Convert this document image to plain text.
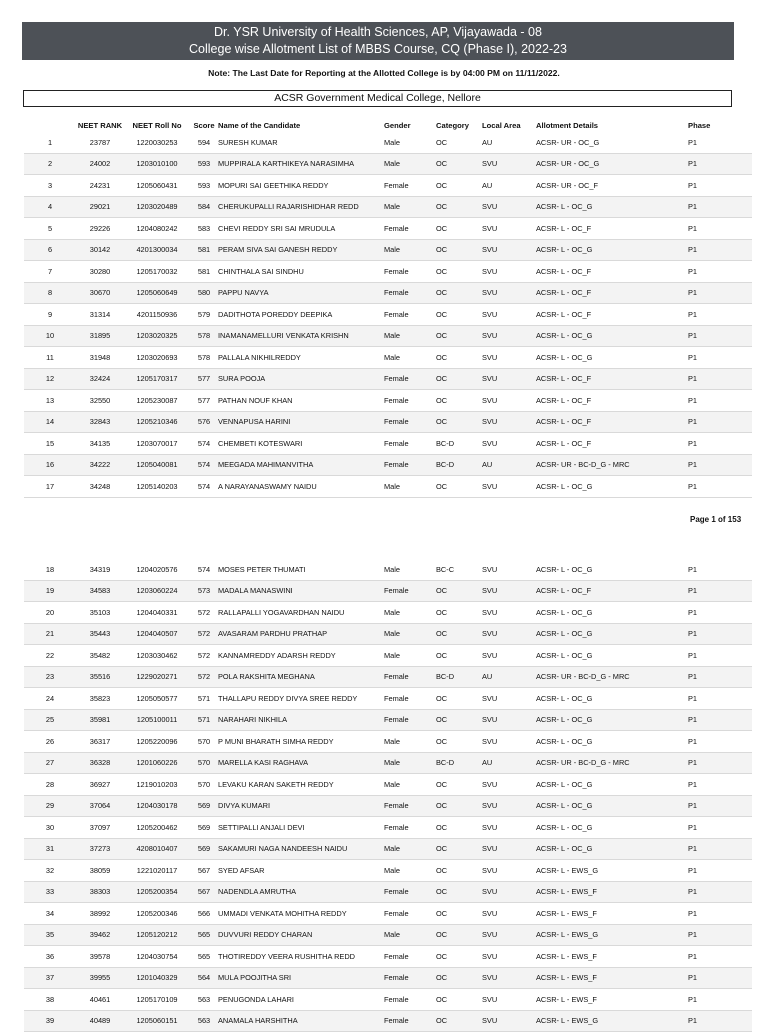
Dr. YSR University of Health Sciences, AP, Vijayawada - 08
College wise Allotment List of MBBS Course, CQ (Phase I), 2022-23
Note: The Last Date for Reporting at the Allotted College is by 04:00 PM on 11/11/2022.
ACSR Government Medical College, Nellore
	NEET RANK	NEET Roll No	Score	Name of the Candidate	Gender	Category	Local Area	Allotment Details	Phase
1	23787	1220030253	594	SURESH KUMAR	Male	OC	AU	ACSR- UR - OC_G	P1
2	24002	1203010100	593	MUPPIRALA KARTHIKEYA NARASIMHA	Male	OC	SVU	ACSR- UR - OC_G	P1
3	24231	1205060431	593	MOPURI SAI GEETHIKA REDDY	Female	OC	AU	ACSR- UR - OC_F	P1
4	29021	1203020489	584	CHERUKUPALLI RAJARISHIDHAR REDD	Male	OC	SVU	ACSR- L - OC_G	P1
5	29226	1204080242	583	CHEVI REDDY SRI SAI MRUDULA	Female	OC	SVU	ACSR- L - OC_F	P1
6	30142	4201300034	581	PERAM SIVA SAI GANESH REDDY	Male	OC	SVU	ACSR- L - OC_G	P1
7	30280	1205170032	581	CHINTHALA SAI SINDHU	Female	OC	SVU	ACSR- L - OC_F	P1
8	30670	1205060649	580	PAPPU NAVYA	Female	OC	SVU	ACSR- L - OC_F	P1
9	31314	4201150936	579	DADITHOTA POREDDY DEEPIKA	Female	OC	SVU	ACSR- L - OC_F	P1
10	31895	1203020325	578	INAMANAMELLURI VENKATA KRISHN	Male	OC	SVU	ACSR- L - OC_G	P1
11	31948	1203020693	578	PALLALA NIKHILREDDY	Male	OC	SVU	ACSR- L - OC_G	P1
12	32424	1205170317	577	SURA POOJA	Female	OC	SVU	ACSR- L - OC_F	P1
13	32550	1205230087	577	PATHAN NOUF KHAN	Female	OC	SVU	ACSR- L - OC_F	P1
14	32843	1205210346	576	VENNAPUSA HARINI	Female	OC	SVU	ACSR- L - OC_F	P1
15	34135	1203070017	574	CHEMBETI KOTESWARI	Female	BC-D	SVU	ACSR- L - OC_F	P1
16	34222	1205040081	574	MEEGADA MAHIMANVITHA	Female	BC-D	AU	ACSR- UR - BC-D_G - MRC	P1
17	34248	1205140203	574	A NARAYANASWAMY NAIDU	Male	OC	SVU	ACSR- L - OC_G	P1
Page 1 of 153
18	34319	1204020576	574	MOSES PETER THUMATI	Male	BC-C	SVU	ACSR- L - OC_G	P1
19	34583	1203060224	573	MADALA MANASWINI	Female	OC	SVU	ACSR- L - OC_F	P1
20	35103	1204040331	572	RALLAPALLI YOGAVARDHAN NAIDU	Male	OC	SVU	ACSR- L - OC_G	P1
21	35443	1204040507	572	AVASARAM PARDHU PRATHAP	Male	OC	SVU	ACSR- L - OC_G	P1
22	35482	1203030462	572	KANNAMREDDY ADARSH REDDY	Male	OC	SVU	ACSR- L - OC_G	P1
23	35516	1229020271	572	POLA RAKSHITA MEGHANA	Female	BC-D	AU	ACSR- UR - BC-D_G - MRC	P1
24	35823	1205050577	571	THALLAPU REDDY DIVYA SREE REDDY	Female	OC	SVU	ACSR- L - OC_G	P1
25	35981	1205100011	571	NARAHARI NIKHILA	Female	OC	SVU	ACSR- L - OC_G	P1
26	36317	1205220096	570	P MUNI BHARATH SIMHA REDDY	Male	OC	SVU	ACSR- L - OC_G	P1
27	36328	1201060226	570	MARELLA KASI RAGHAVA	Male	BC-D	AU	ACSR- UR - BC-D_G - MRC	P1
28	36927	1219010203	570	LEVAKU KARAN SAKETH REDDY	Male	OC	SVU	ACSR- L - OC_G	P1
29	37064	1204030178	569	DIVYA KUMARI	Female	OC	SVU	ACSR- L - OC_G	P1
30	37097	1205200462	569	SETTIPALLI ANJALI DEVI	Female	OC	SVU	ACSR- L - OC_G	P1
31	37273	4208010407	569	SAKAMURI NAGA NANDEESH NAIDU	Male	OC	SVU	ACSR- L - OC_G	P1
32	38059	1221020117	567	SYED AFSAR	Male	OC	SVU	ACSR- L - EWS_G	P1
33	38303	1205200354	567	NADENDLA AMRUTHA	Female	OC	SVU	ACSR- L - EWS_F	P1
34	38992	1205200346	566	UMMADI VENKATA MOHITHA REDDY	Female	OC	SVU	ACSR- L - EWS_F	P1
35	39462	1205120212	565	DUVVURI REDDY CHARAN	Male	OC	SVU	ACSR- L - EWS_G	P1
36	39578	1204030754	565	THOTIREDDY VEERA RUSHITHA REDD	Female	OC	SVU	ACSR- L - EWS_F	P1
37	39955	1201040329	564	MULA POOJITHA SRI	Female	OC	SVU	ACSR- L - EWS_F	P1
38	40461	1205170109	563	PENUGONDA LAHARI	Female	OC	SVU	ACSR- L - EWS_F	P1
39	40489	1205060151	563	ANAMALA HARSHITHA	Female	OC	SVU	ACSR- L - EWS_G	P1
